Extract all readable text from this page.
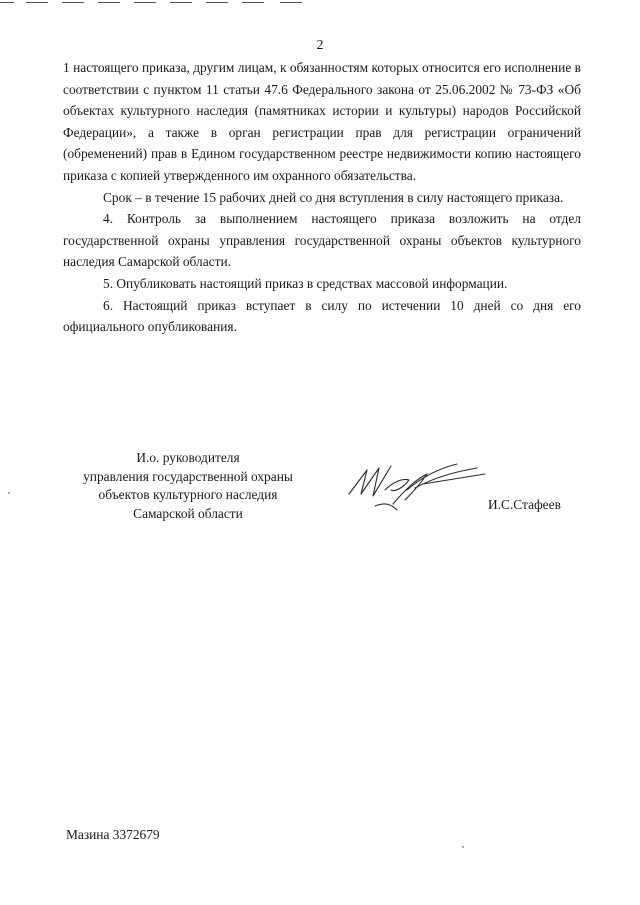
2

1 настоящего приказа, другим лицам, к обязанностям которых относится его исполнение в соответствии с пунктом 11 статьи 47.6 Федерального закона от 25.06.2002 № 73-ФЗ «Об объектах культурного наследия (памятниках истории и культуры) народов Российской Федерации», а также в орган регистрации прав для регистрации ограничений (обременений) прав в Едином государственном реестре недвижимости копию настоящего приказа с копией утвержденного им охранного обязательства.

Срок – в течение 15 рабочих дней со дня вступления в силу настоящего приказа.

4. Контроль за выполнением настоящего приказа возложить на отдел государственной охраны управления государственной охраны объектов культурного наследия Самарской области.

5. Опубликовать настоящий приказ в средствах массовой информации.

6. Настоящий приказ вступает в силу по истечении 10 дней со дня его официального опубликования.

И.о. руководителя
управления государственной охраны
объектов культурного наследия
Самарской области
И.С.Стафеев
Мазина 3372679
